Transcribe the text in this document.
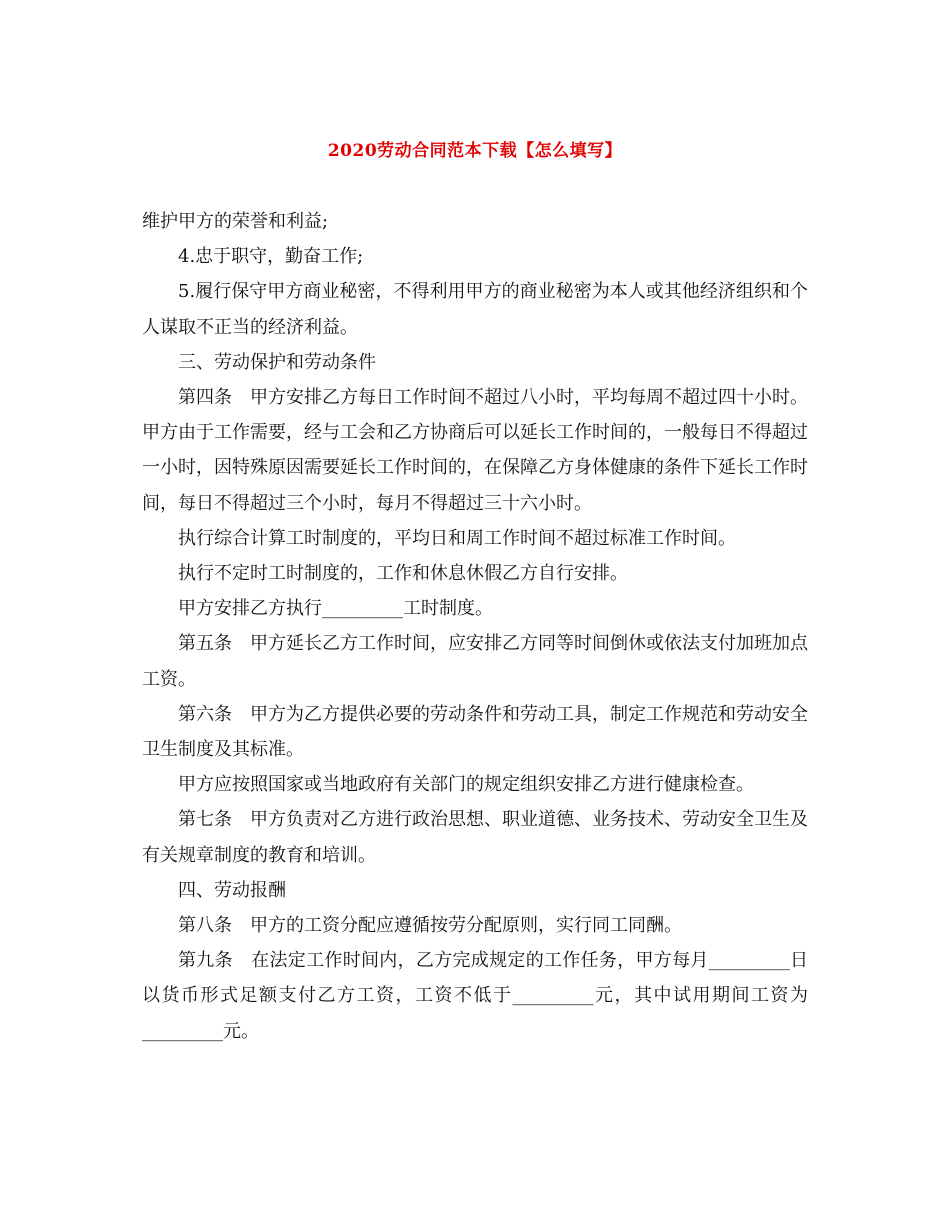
2020劳动合同范本下载【怎么填写】

维护甲方的荣誉和利益;

4.忠于职守，勤奋工作;

5.履行保守甲方商业秘密，不得利用甲方的商业秘密为本人或其他经济组织和个人谋取不正当的经济利益。

三、劳动保护和劳动条件

第四条　甲方安排乙方每日工作时间不超过八小时，平均每周不超过四十小时。甲方由于工作需要，经与工会和乙方协商后可以延长工作时间的，一般每日不得超过一小时，因特殊原因需要延长工作时间的，在保障乙方身体健康的条件下延长工作时间，每日不得超过三个小时，每月不得超过三十六小时。

执行综合计算工时制度的，平均日和周工作时间不超过标准工作时间。

执行不定时工时制度的，工作和休息休假乙方自行安排。

甲方安排乙方执行_________工时制度。

第五条　甲方延长乙方工作时间，应安排乙方同等时间倒休或依法支付加班加点工资。

第六条　甲方为乙方提供必要的劳动条件和劳动工具，制定工作规范和劳动安全卫生制度及其标准。

甲方应按照国家或当地政府有关部门的规定组织安排乙方进行健康检查。

第七条　甲方负责对乙方进行政治思想、职业道德、业务技术、劳动安全卫生及有关规章制度的教育和培训。

四、劳动报酬

第八条　甲方的工资分配应遵循按劳分配原则，实行同工同酬。

第九条　在法定工作时间内，乙方完成规定的工作任务，甲方每月_________日以货币形式足额支付乙方工资，工资不低于_________元，其中试用期间工资为_________元。
